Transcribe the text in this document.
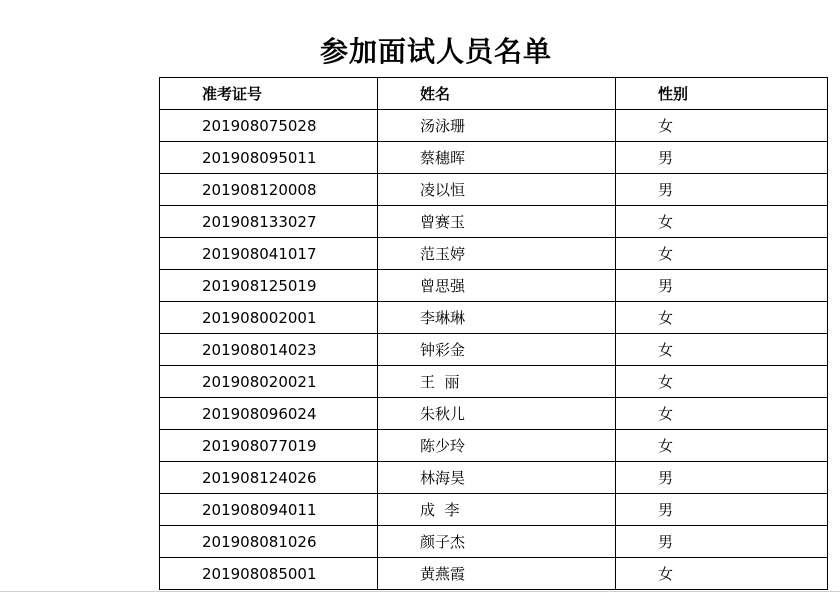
参加面试人员名单
准考证号	姓名	性别
201908075028	汤泳珊	女
201908095011	蔡穗晖	男
201908120008	凌以恒	男
201908133027	曾赛玉	女
201908041017	范玉婷	女
201908125019	曾思强	男
201908002001	李琳琳	女
201908014023	钟彩金	女
201908020021	王  丽	女
201908096024	朱秋儿	女
201908077019	陈少玲	女
201908124026	林海昊	男
201908094011	成  李	男
201908081026	颜子杰	男
201908085001	黄燕霞	女
